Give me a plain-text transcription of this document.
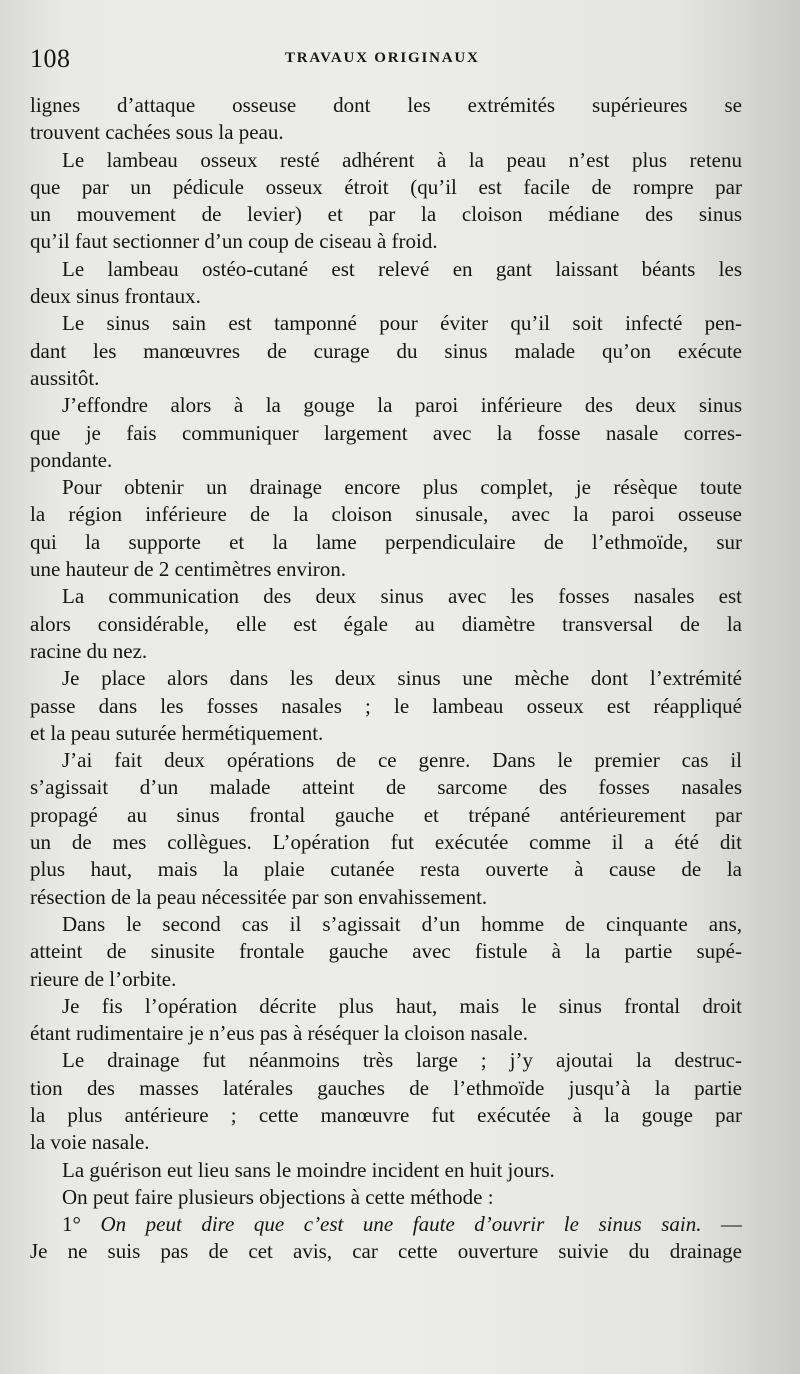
108	TRAVAUX ORIGINAUX
lignes d’attaque osseuse dont les extrémités supérieures se
trouvent cachées sous la peau.
Le lambeau osseux resté adhérent à la peau n’est plus retenu
que par un pédicule osseux étroit (qu’il est facile de rompre par
un mouvement de levier) et par la cloison médiane des sinus
qu’il faut sectionner d’un coup de ciseau à froid.
Le lambeau ostéo-cutané est relevé en gant laissant béants les
deux sinus frontaux.
Le sinus sain est tamponné pour éviter qu’il soit infecté pen-
dant les manœuvres de curage du sinus malade qu’on exécute
aussitôt.
J’effondre alors à la gouge la paroi inférieure des deux sinus
que je fais communiquer largement avec la fosse nasale corres-
pondante.
Pour obtenir un drainage encore plus complet, je résèque toute
la région inférieure de la cloison sinusale, avec la paroi osseuse
qui la supporte et la lame perpendiculaire de l’ethmoïde, sur
une hauteur de 2 centimètres environ.
La communication des deux sinus avec les fosses nasales est
alors considérable, elle est égale au diamètre transversal de la
racine du nez.
Je place alors dans les deux sinus une mèche dont l’extrémité
passe dans les fosses nasales ; le lambeau osseux est réappliqué
et la peau suturée hermétiquement.
J’ai fait deux opérations de ce genre. Dans le premier cas il
s’agissait d’un malade atteint de sarcome des fosses nasales
propagé au sinus frontal gauche et trépané antérieurement par
un de mes collègues. L’opération fut exécutée comme il a été dit
plus haut, mais la plaie cutanée resta ouverte à cause de la
résection de la peau nécessitée par son envahissement.
Dans le second cas il s’agissait d’un homme de cinquante ans,
atteint de sinusite frontale gauche avec fistule à la partie supé-
rieure de l’orbite.
Je fis l’opération décrite plus haut, mais le sinus frontal droit
étant rudimentaire je n’eus pas à réséquer la cloison nasale.
Le drainage fut néanmoins très large ; j’y ajoutai la destruc-
tion des masses latérales gauches de l’ethmoïde jusqu’à la partie
la plus antérieure ; cette manœuvre fut exécutée à la gouge par
la voie nasale.
La guérison eut lieu sans le moindre incident en huit jours.
On peut faire plusieurs objections à cette méthode :
1° On peut dire que c’est une faute d’ouvrir le sinus sain. —
Je ne suis pas de cet avis, car cette ouverture suivie du drainage
